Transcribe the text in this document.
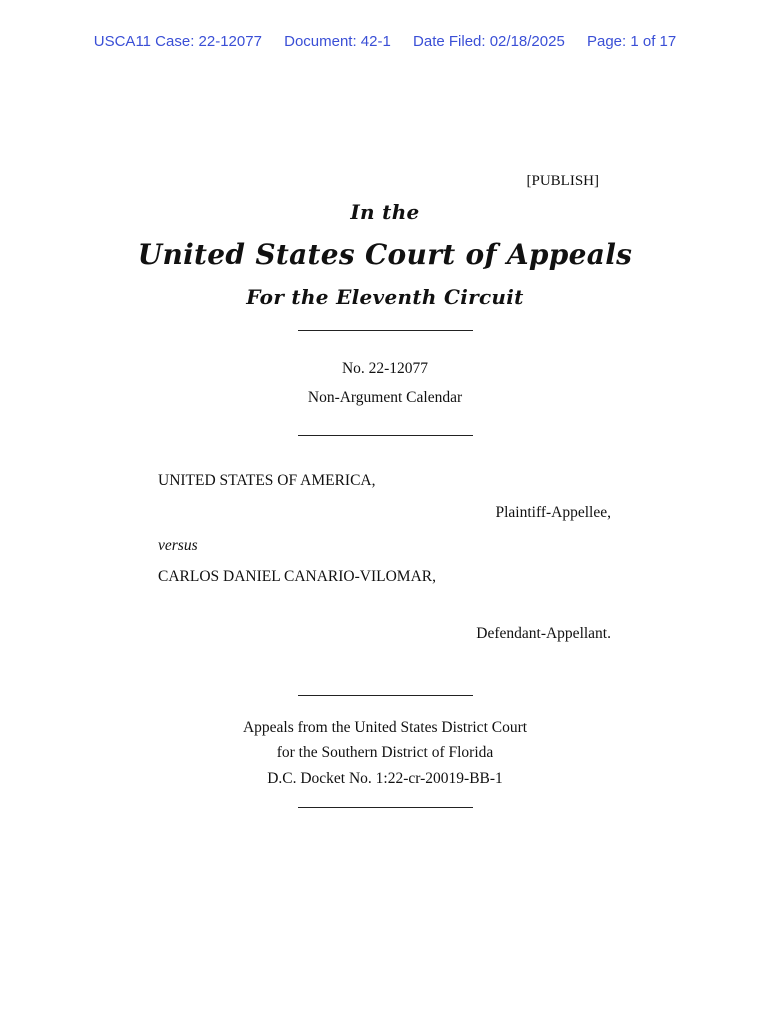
USCA11 Case: 22-12077 Document: 42-1 Date Filed: 02/18/2025 Page: 1 of 17
[PUBLISH]
In the
United States Court of Appeals
For the Eleventh Circuit
No. 22-12077
Non-Argument Calendar
UNITED STATES OF AMERICA,
Plaintiff-Appellee,
versus
CARLOS DANIEL CANARIO-VILOMAR,
Defendant-Appellant.
Appeals from the United States District Court
for the Southern District of Florida
D.C. Docket No. 1:22-cr-20019-BB-1
